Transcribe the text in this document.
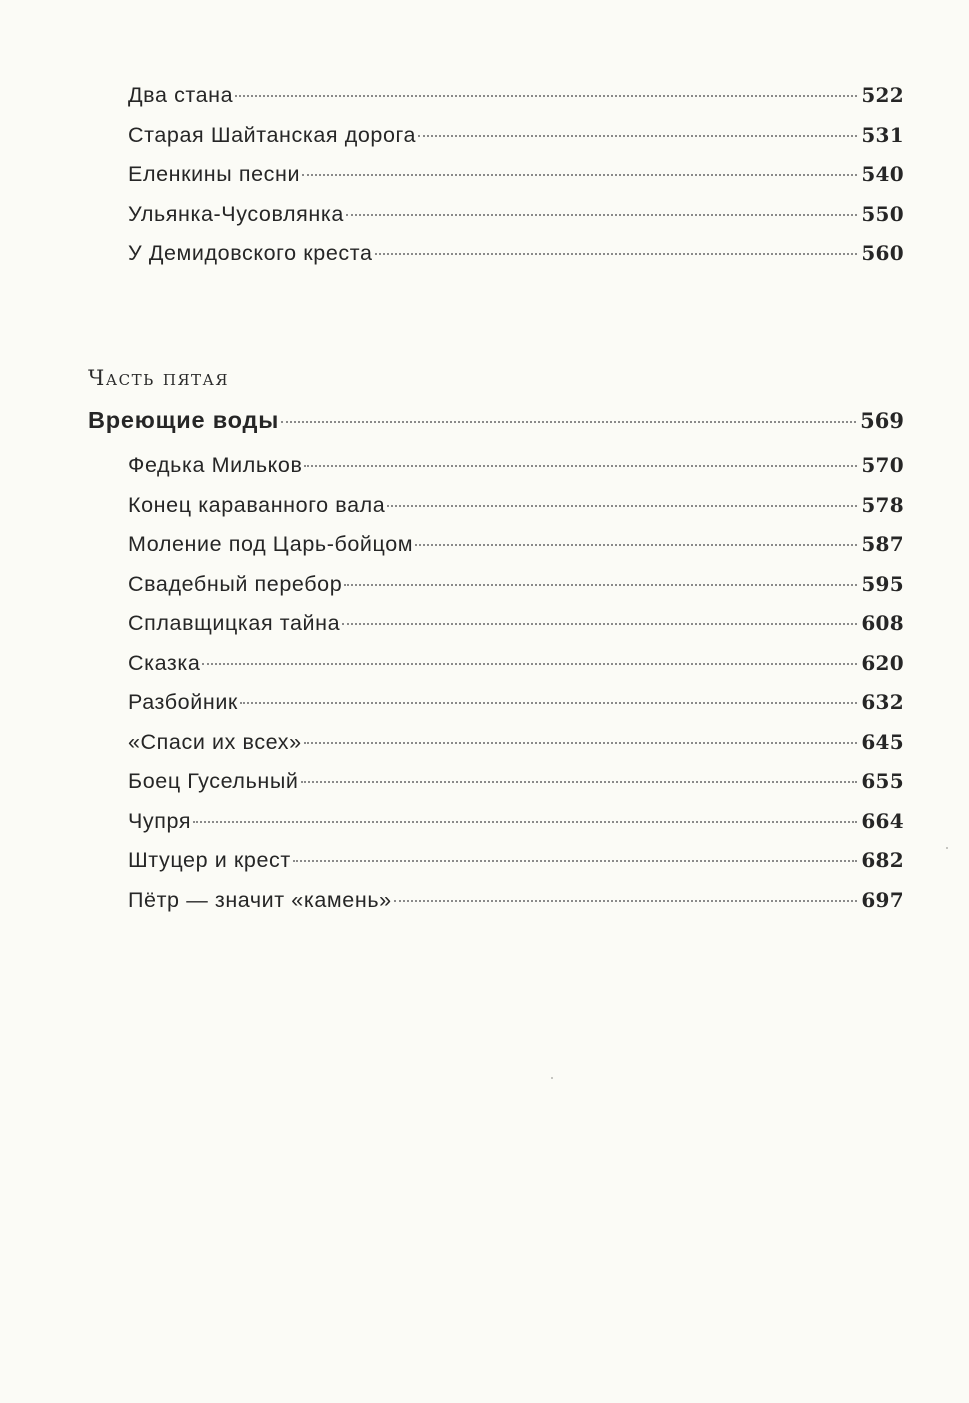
Два стана	522
Старая Шайтанская дорога	531
Еленкины песни	540
Ульянка-Чусовлянка	550
У Демидовского креста	560
Часть пятая
Вреющие воды	569
Федька Мильков	570
Конец караванного вала	578
Моление под Царь-бойцом	587
Свадебный перебор	595
Сплавщицкая тайна	608
Сказка	620
Разбойник	632
«Спаси их всех»	645
Боец Гусельный	655
Чупря	664
Штуцер и крест	682
Пётр — значит «камень»	697
